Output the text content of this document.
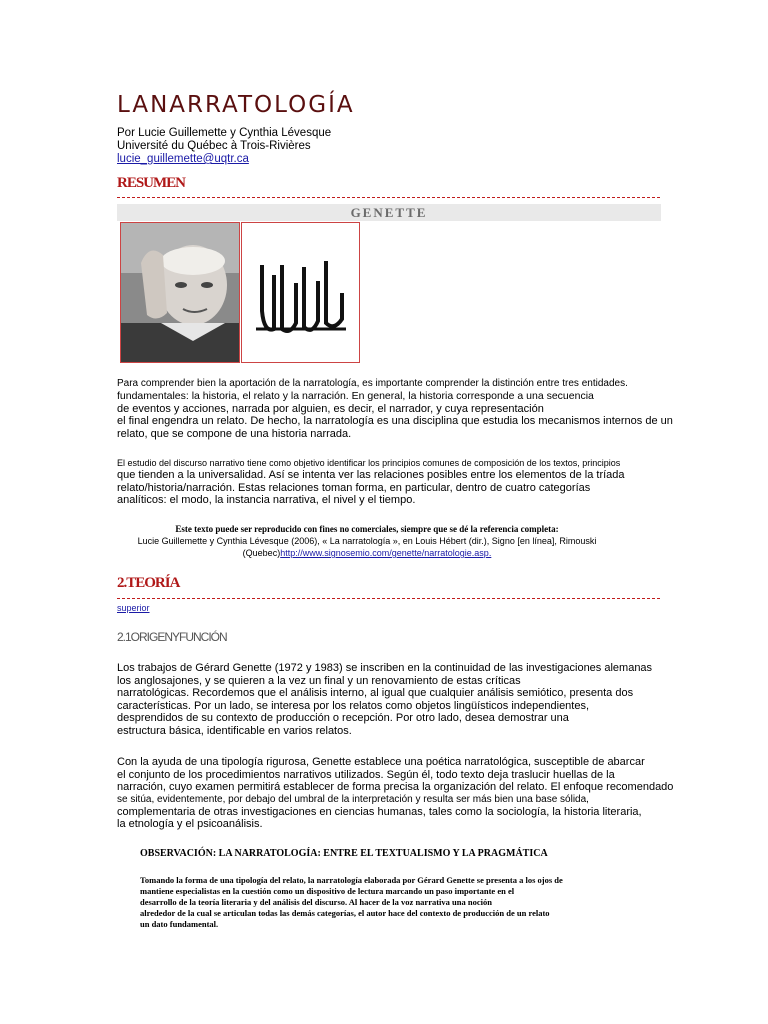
LANARRATOLOGÍA
Por Lucie Guillemette y Cynthia Lévesque
Université du Québec à Trois-Rivières
lucie_guillemette@uqtr.ca
RESUMEN
GENETTE
Para comprender bien la aportación de la narratología, es importante comprender la distinción entre tres entidades.
fundamentales: la historia, el relato y la narración. En general, la historia corresponde a una secuencia
de eventos y acciones, narrada por alguien, es decir, el narrador, y cuya representación
el final engendra un relato. De hecho, la narratología es una disciplina que estudia los mecanismos internos de un
relato, que se compone de una historia narrada.
El estudio del discurso narrativo tiene como objetivo identificar los principios comunes de composición de los textos, principios
que tienden a la universalidad. Así se intenta ver las relaciones posibles entre los elementos de la tríada
relato/historia/narración. Estas relaciones toman forma, en particular, dentro de cuatro categorías
analíticos: el modo, la instancia narrativa, el nivel y el tiempo.
Este texto puede ser reproducido con fines no comerciales, siempre que se dé la referencia completa:
Lucie Guillemette y Cynthia Lévesque (2006), « La narratología », en Louis Hébert (dir.), Signo [en línea], Rimouski
(Quebec)http://www.signosemio.com/genette/narratologie.asp.
2.TEORÍA
superior
2.1ORIGENYFUNCIÓN
Los trabajos de Gérard Genette (1972 y 1983) se inscriben en la continuidad de las investigaciones alemanas
los anglosajones, y se quieren a la vez un final y un renovamiento de estas críticas
narratológicas. Recordemos que el análisis interno, al igual que cualquier análisis semiótico, presenta dos
características. Por un lado, se interesa por los relatos como objetos lingüísticos independientes,
desprendidos de su contexto de producción o recepción. Por otro lado, desea demostrar una
estructura básica, identificable en varios relatos.
Con la ayuda de una tipología rigurosa, Genette establece una poética narratológica, susceptible de abarcar
el conjunto de los procedimientos narrativos utilizados. Según él, todo texto deja traslucir huellas de la
narración, cuyo examen permitirá establecer de forma precisa la organización del relato. El enfoque recomendado
se sitúa, evidentemente, por debajo del umbral de la interpretación y resulta ser más bien una base sólida,
complementaria de otras investigaciones en ciencias humanas, tales como la sociología, la historia literaria,
la etnología y el psicoanálisis.
OBSERVACIÓN: LA NARRATOLOGÍA: ENTRE EL TEXTUALISMO Y LA PRAGMÁTICA
Tomando la forma de una tipología del relato, la narratología elaborada por Gérard Genette se presenta a los ojos de
mantiene especialistas en la cuestión como un dispositivo de lectura marcando un paso importante en el
desarrollo de la teoría literaria y del análisis del discurso. Al hacer de la voz narrativa una noción
alrededor de la cual se articulan todas las demás categorías, el autor hace del contexto de producción de un relato
un dato fundamental.
